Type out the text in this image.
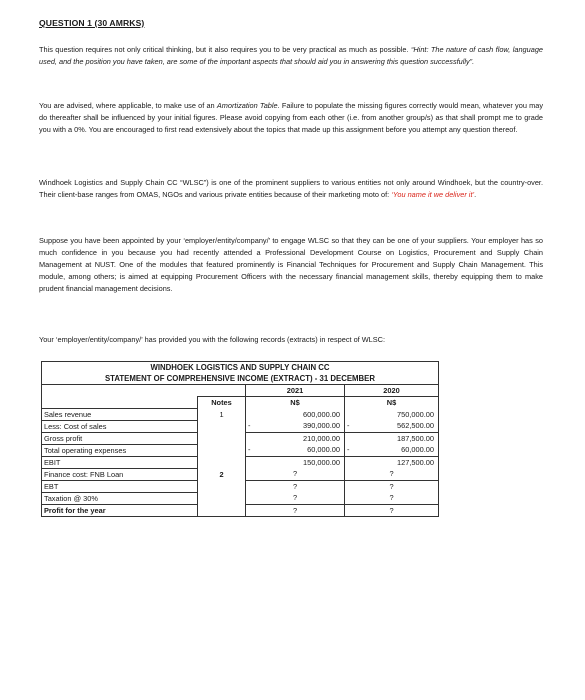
QUESTION 1 (30 AMRKS)

This question requires not only critical thinking, but it also requires you to be very practical as much as possible. “Hint: The nature of cash flow, language used, and the position you have taken, are some of the important aspects that should aid you in answering this question successfully”.

You are advised, where applicable, to make use of an Amortization Table. Failure to populate the missing figures correctly would mean, whatever you may do thereafter shall be influenced by your initial figures. Please avoid copying from each other (i.e. from another group/s) as that shall prompt me to grade you with a 0%. You are encouraged to first read extensively about the topics that made up this assignment before you attempt any question thereof.

Windhoek Logistics and Supply Chain CC “WLSC”) is one of the prominent suppliers to various entities not only around Windhoek, but the country-over. Their client-base ranges from OMAS, NGOs and various private entities because of their marketing moto of: ‘You name it we deliver it’.

Suppose you have been appointed by your ‘employer/entity/company/’ to engage WLSC so that they can be one of your suppliers. Your employer has so much confidence in you because you had recently attended a Professional Development Course on Logistics, Procurement and Supply Chain Management at NUST. One of the modules that featured prominently is Financial Techniques for Procurement and Supply Chain Management. This module, among others; is aimed at equipping Procurement Officers with the necessary financial management skills, thereby equipping them to make prudent financial management decisions.

Your ‘employer/entity/company/’ has provided you with the following records (extracts) in respect of WLSC:

WINDHOEK LOGISTICS AND SUPPLY CHAIN CC			
STATEMENT OF COMPREHENSIVE INCOME (EXTRACT) - 31 DECEMBER			
		2021	2020
	Notes	N$	N$
Sales revenue	1	600,000.00	750,000.00

Less: Cost of sales		- 390,000.00	- 562,500.00

Gross profit		210,000.00	187,500.00

Total operating expenses		- 60,000.00	- 60,000.00

EBIT		150,000.00	127,500.00

Finance cost: FNB Loan	2	?	?

EBT		?	?

Taxation @ 30%		?	?

Profit for the year		?	?
